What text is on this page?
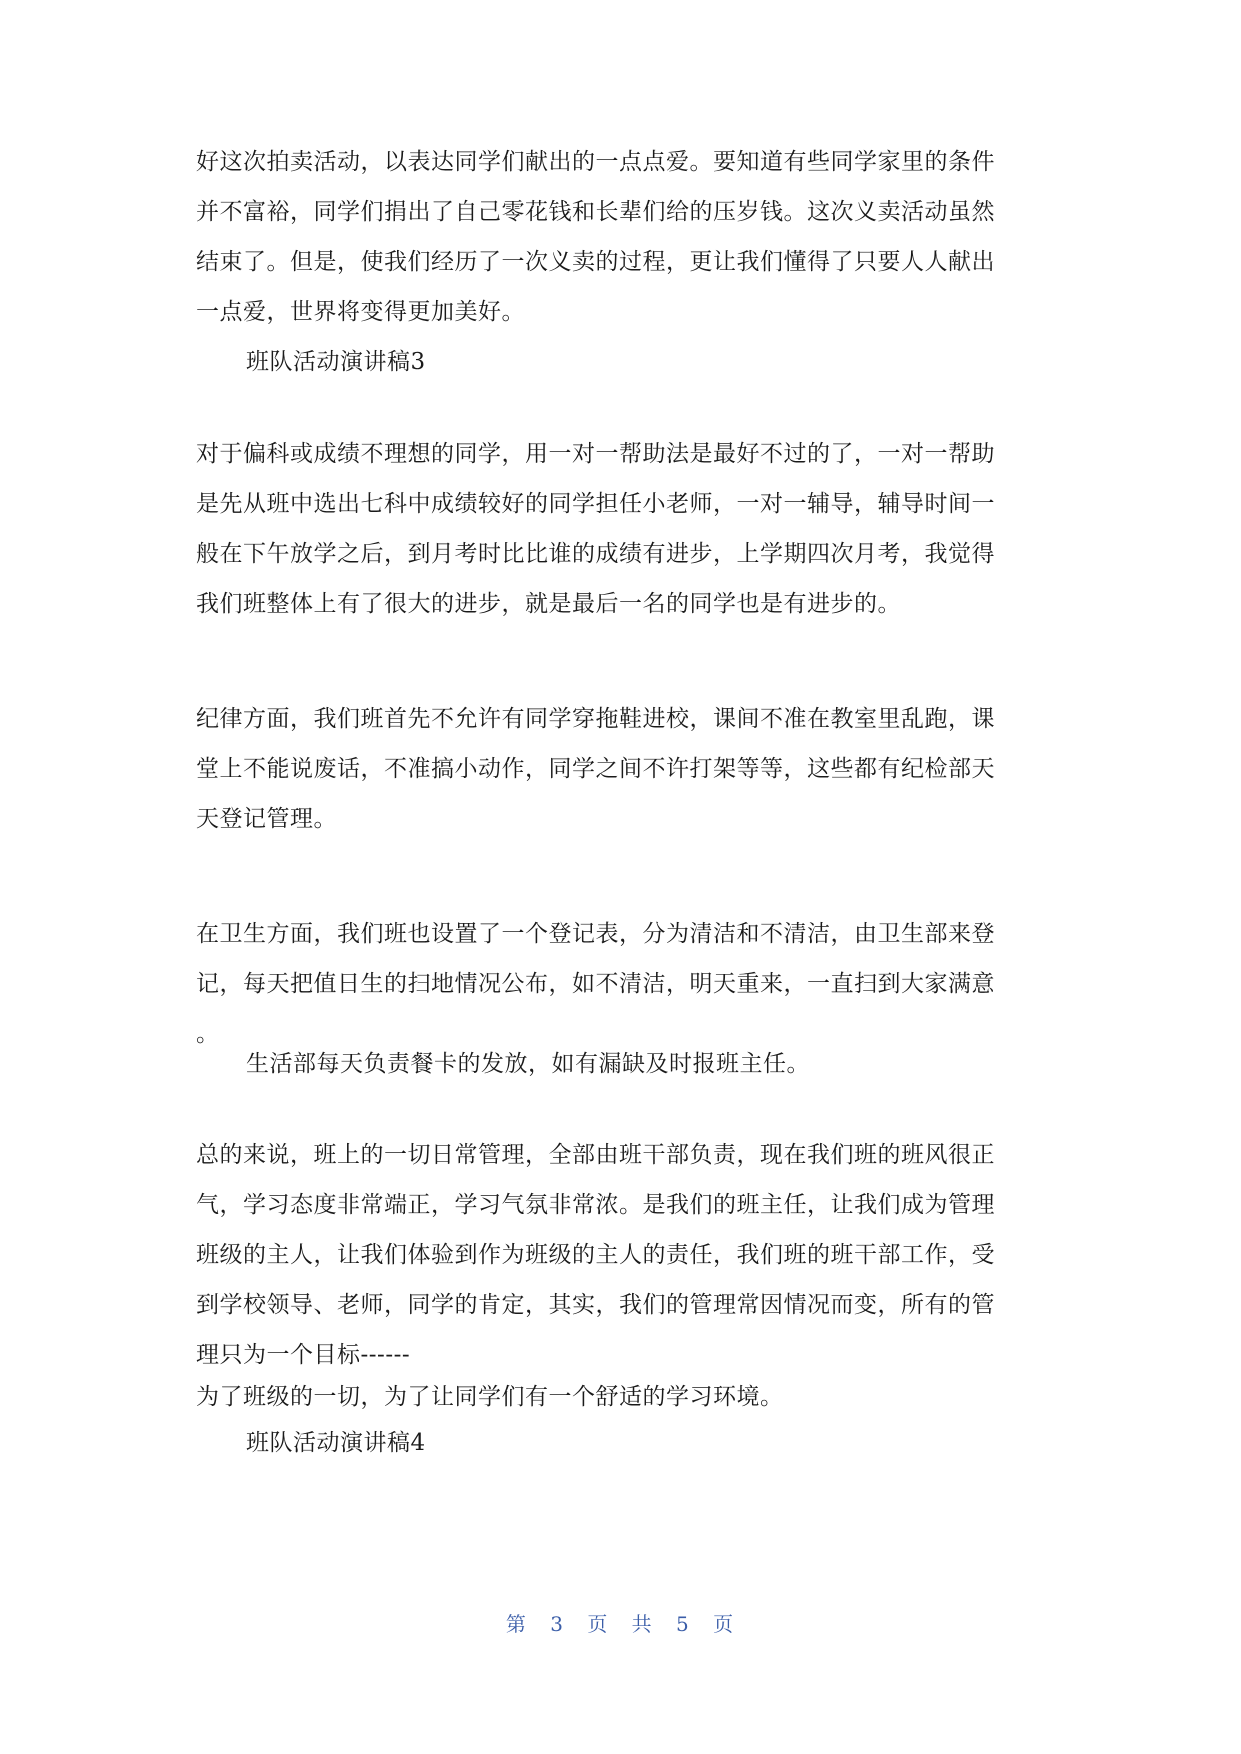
好这次拍卖活动，以表达同学们献出的一点点爱。要知道有些同学家里的条件
并不富裕，同学们捐出了自己零花钱和长辈们给的压岁钱。这次义卖活动虽然
结束了。但是，使我们经历了一次义卖的过程，更让我们懂得了只要人人献出
一点爱，世界将变得更加美好。
班队活动演讲稿3
对于偏科或成绩不理想的同学，用一对一帮助法是最好不过的了，一对一帮助
是先从班中选出七科中成绩较好的同学担任小老师，一对一辅导，辅导时间一
般在下午放学之后，到月考时比比谁的成绩有进步，上学期四次月考，我觉得
我们班整体上有了很大的进步，就是最后一名的同学也是有进步的。
纪律方面，我们班首先不允许有同学穿拖鞋进校，课间不准在教室里乱跑，课
堂上不能说废话，不准搞小动作，同学之间不许打架等等，这些都有纪检部天
天登记管理。
在卫生方面，我们班也设置了一个登记表，分为清洁和不清洁，由卫生部来登
记，每天把值日生的扫地情况公布，如不清洁，明天重来，一直扫到大家满意
。
生活部每天负责餐卡的发放，如有漏缺及时报班主任。
总的来说，班上的一切日常管理，全部由班干部负责，现在我们班的班风很正
气，学习态度非常端正，学习气氛非常浓。是我们的班主任，让我们成为管理
班级的主人，让我们体验到作为班级的主人的责任，我们班的班干部工作，受
到学校领导、老师，同学的肯定，其实，我们的管理常因情况而变，所有的管
理只为一个目标------
为了班级的一切，为了让同学们有一个舒适的学习环境。
班队活动演讲稿4
第 3 页 共 5 页
